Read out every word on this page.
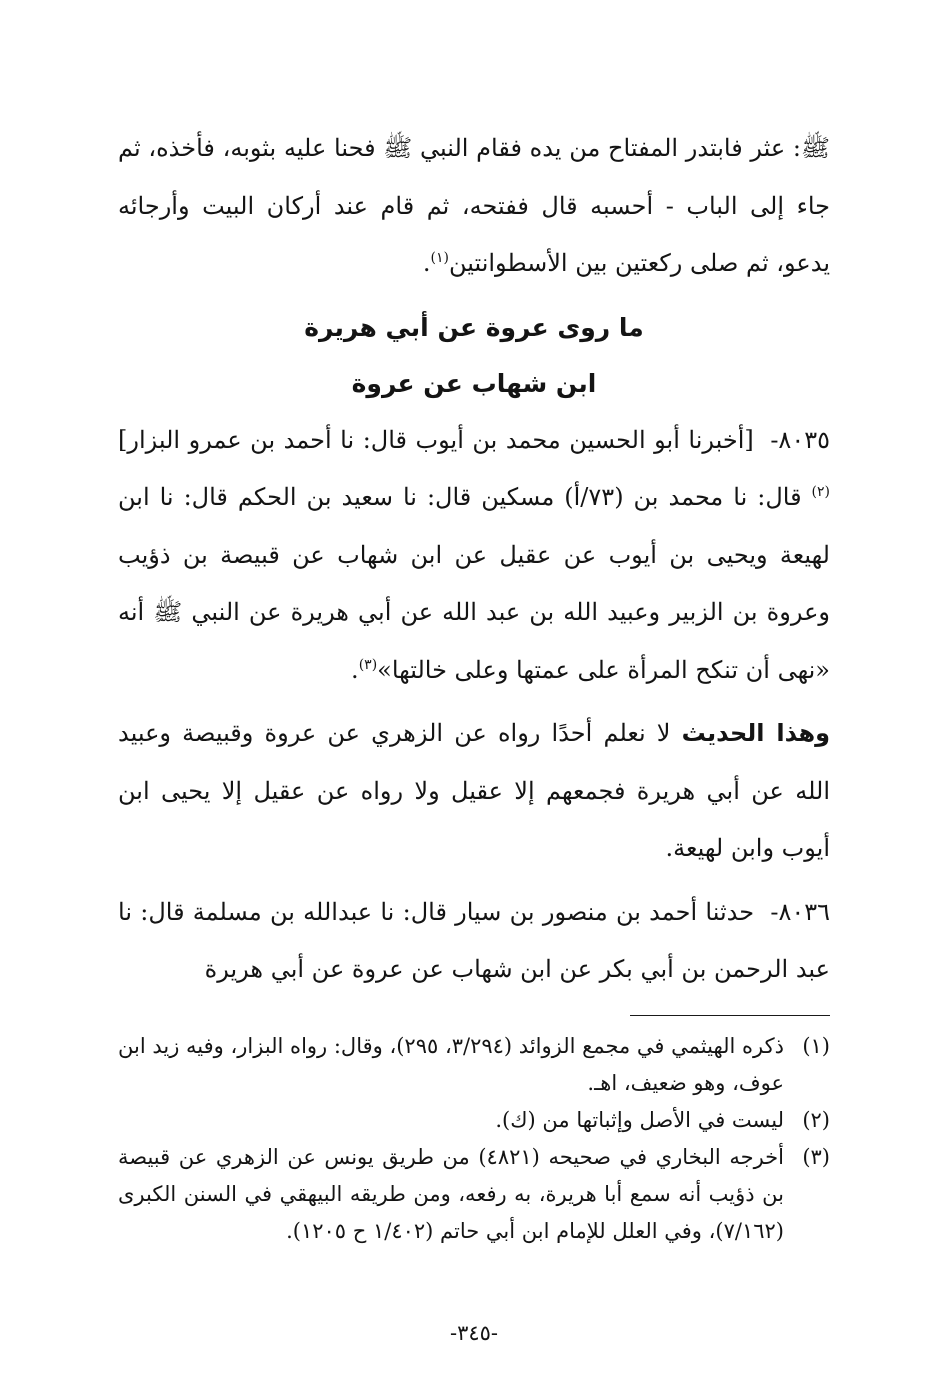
ﷺ: عثر فابتدر المفتاح من يده فقام النبي ﷺ فحنا عليه بثوبه، فأخذه، ثم جاء إلى الباب - أحسبه قال ففتحه، ثم قام عند أركان البيت وأرجائه يدعو، ثم صلى ركعتين بين الأسطوانتين$^{(١)}$.

ما روى عروة عن أبي هريرة
ابن شهاب عن عروة

٨٠٣٥- [أخبرنا أبو الحسين محمد بن أيوب قال: نا أحمد بن عمرو البزار]$^{(٢)}$ قال: نا محمد بن (٧٣/أ) مسكين قال: نا سعيد بن الحكم قال: نا ابن لهيعة ويحيى بن أيوب عن عقيل عن ابن شهاب عن قبيصة بن ذؤيب وعروة بن الزبير وعبيد الله بن عبد الله عن أبي هريرة عن النبي ﷺ أنه «نهى أن تنكح المرأة على عمتها وعلى خالتها»$^{(٣)}$.

وهذا الحديث لا نعلم أحدًا رواه عن الزهري عن عروة وقبيصة وعبيد الله عن أبي هريرة فجمعهم إلا عقيل ولا رواه عن عقيل إلا يحيى ابن أيوب وابن لهيعة.

٨٠٣٦- حدثنا أحمد بن منصور بن سيار قال: نا عبدالله بن مسلمة قال: نا عبد الرحمن بن أبي بكر عن ابن شهاب عن عروة عن أبي هريرة

(١)
ذكره الهيثمي في مجمع الزوائد (٣/٢٩٤، ٢٩٥)، وقال: رواه البزار، وفيه زيد ابن عوف، وهو ضعيف، اهـ.
(٢)
ليست في الأصل وإثباتها من (ك).
(٣)
أخرجه البخاري في صحيحه (٤٨٢١) من طريق يونس عن الزهري عن قبيصة بن ذؤيب أنه سمع أبا هريرة، به رفعه، ومن طريقه البيهقي في السنن الكبرى (٧/١٦٢)، وفي العلل للإمام ابن أبي حاتم (١/٤٠٢ ح ١٢٠٥).
-٣٤٥-
